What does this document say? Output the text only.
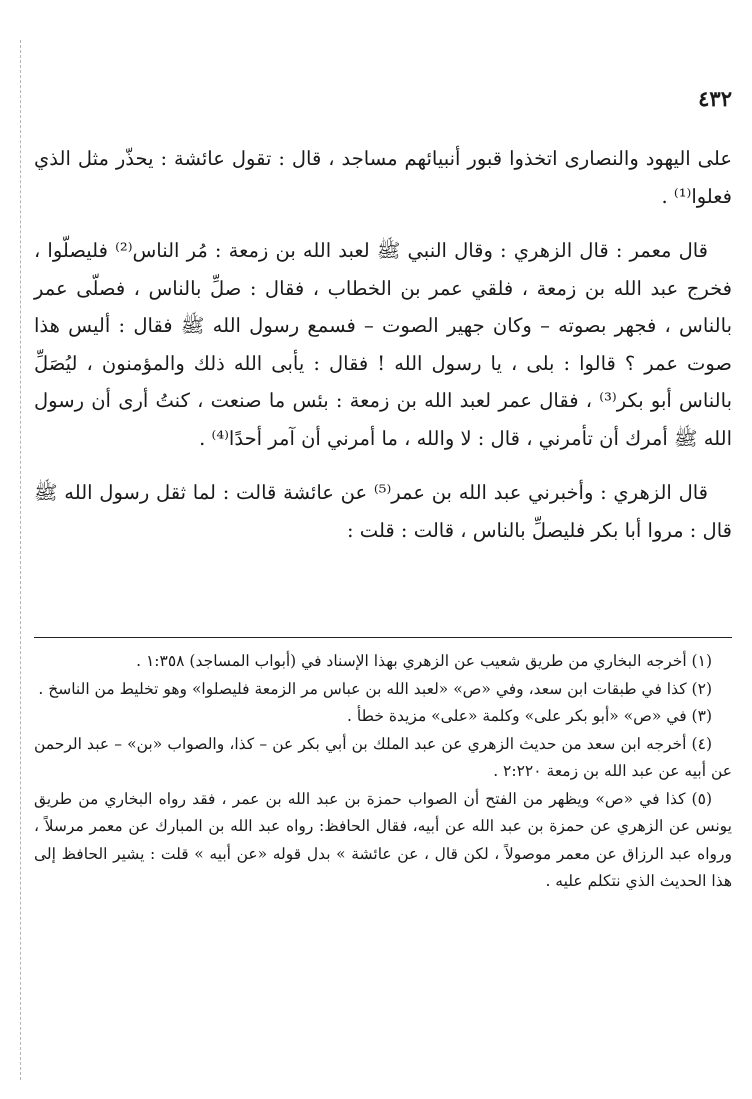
٤٣٢

على اليهود والنصارى اتخذوا قبور أنبيائهم مساجد ، قال : تقول عائشة : يحذّر مثل الذي فعلوا⁽¹⁾ .

قال معمر : قال الزهري : وقال النبي ﷺ لعبد الله بن زمعة : مُر الناس⁽²⁾ فليصلّوا ، فخرج عبد الله بن زمعة ، فلقي عمر بن الخطاب ، فقال : صلِّ بالناس ، فصلّى عمر بالناس ، فجهر بصوته – وكان جهير الصوت – فسمع رسول الله ﷺ فقال : أليس هذا صوت عمر ؟ قالوا : بلى ، يا رسول الله ! فقال : يأبى الله ذلك والمؤمنون ، ليُصَلِّ بالناس أبو بكر⁽³⁾ ، فقال عمر لعبد الله بن زمعة : بئس ما صنعت ، كنتُ أرى أن رسول الله ﷺ أمرك أن تأمرني ، قال : لا والله ، ما أمرني أن آمر أحدًا⁽⁴⁾ .

قال الزهري : وأخبرني عبد الله بن عمر⁽⁵⁾ عن عائشة قالت : لما ثقل رسول الله ﷺ قال : مروا أبا بكر فليصلِّ بالناس ، قالت : قلت :

(١) أخرجه البخاري من طريق شعيب عن الزهري بهذا الإسناد في (أبواب المساجد) ١:٣٥٨ .

(٢) كذا في طبقات ابن سعد، وفي «ص» «لعبد الله بن عباس مر الزمعة فليصلوا» وهو تخليط من الناسخ .

(٣) في «ص» «أبو بكر على» وكلمة «على» مزيدة خطأ .

(٤) أخرجه ابن سعد من حديث الزهري عن عبد الملك بن أبي بكر عن – كذا، والصواب «بن» – عبد الرحمن عن أبيه عن عبد الله بن زمعة ٢:٢٢٠ .

(٥) كذا في «ص» ويظهر من الفتح أن الصواب حمزة بن عبد الله بن عمر ، فقد رواه البخاري من طريق يونس عن الزهري عن حمزة بن عبد الله عن أبيه، فقال الحافظ: رواه عبد الله بن المبارك عن معمر مرسلاً ، ورواه عبد الرزاق عن معمر موصولاً ، لكن قال ، عن عائشة » بدل قوله «عن أبيه » قلت : يشير الحافظ إلى هذا الحديث الذي نتكلم عليه .
